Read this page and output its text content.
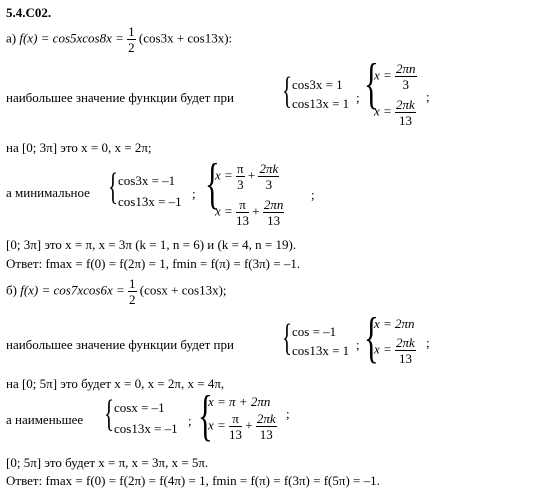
5.4.C02.
а) $f(x) = \cos 5xcos8x = \frac{1}{2} (\cos 3x + \cos 13x)$:
наибольшее значение функции будет при { cos3x = 1
cos13x = 1 ; {
$x = \frac{2\pi n}{3}$
$x = \frac{2\pi k}{13}$
;
на [0; 3π] это x = 0, x = 2π;
а минимальное { cos3x = –1
cos13x = –1
; {
$x = \frac{\pi}{3} + \frac{2\pi k}{3}$
$x = \frac{\pi}{13} + \frac{2\pi n}{13}$
;
[0; 3π] это x = π, x = 3π (k = 1, n = 6) и (k = 4, n = 19).
Ответ: fmax = f(0) = f(2π) = 1, fmin = f(π) = f(3π) = –1.
б) $f(x) = \cos 7xcos6x = \frac{1}{2} (\cos x + \cos 13x)$;
наибольшее значение функции будет при { cos = –1
cos13x = 1 ; {
x = 2πn
$x = \frac{2\pi k}{13}$ ;
на [0; 5π] это будет x = 0, x = 2π, x = 4π,
а наименьшее { cosx = –1
cos13x = –1
; {
x = π + 2πn
$x = \frac{\pi}{13} + \frac{2\pi k}{13}$ ;
[0; 5π] это будет x = π, x = 3π, x = 5π.
Ответ: fmax = f(0) = f(2π) = f(4π) = 1, fmin = f(π) = f(3π) = f(5π) = –1.
